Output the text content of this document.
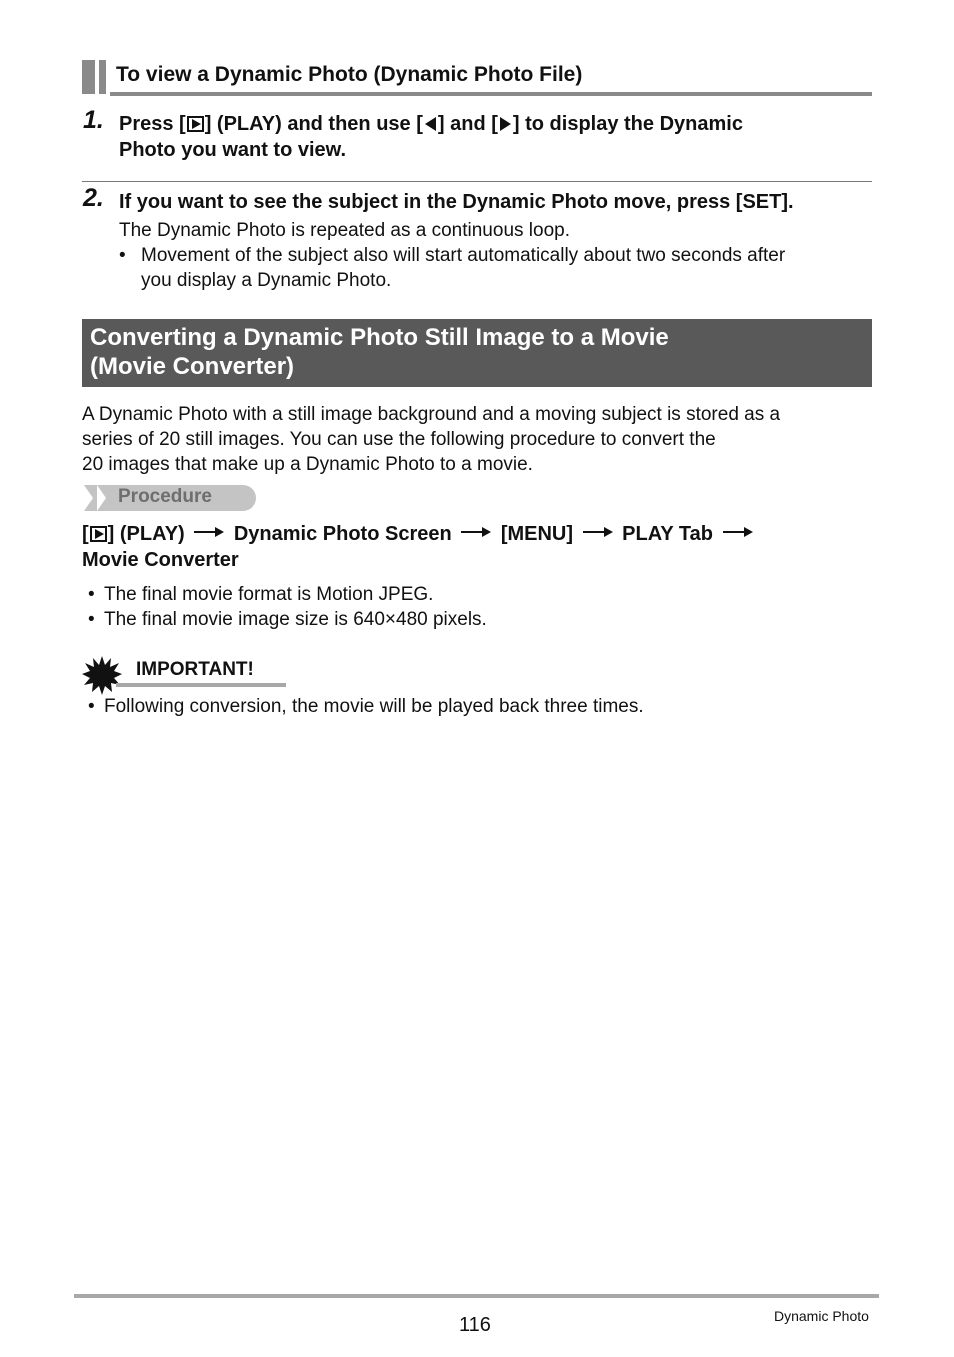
To view a Dynamic Photo (Dynamic Photo File)
1. Press [ ] (PLAY) and then use [ ] and [ ] to display the Dynamic
Photo you want to view.
2. If you want to see the subject in the Dynamic Photo move, press [SET].
The Dynamic Photo is repeated as a continuous loop.
• Movement of the subject also will start automatically about two seconds after
you display a Dynamic Photo.
Converting a Dynamic Photo Still Image to a Movie
(Movie Converter)
A Dynamic Photo with a still image background and a moving subject is stored as a
series of 20 still images. You can use the following procedure to convert the
20 images that make up a Dynamic Photo to a movie.
Procedure
[ ] (PLAY) Dynamic Photo Screen [MENU] PLAY Tab
Movie Converter
• The final movie format is Motion JPEG.
• The final movie image size is 640×480 pixels.
IMPORTANT!
• Following conversion, the movie will be played back three times.
116	Dynamic Photo
